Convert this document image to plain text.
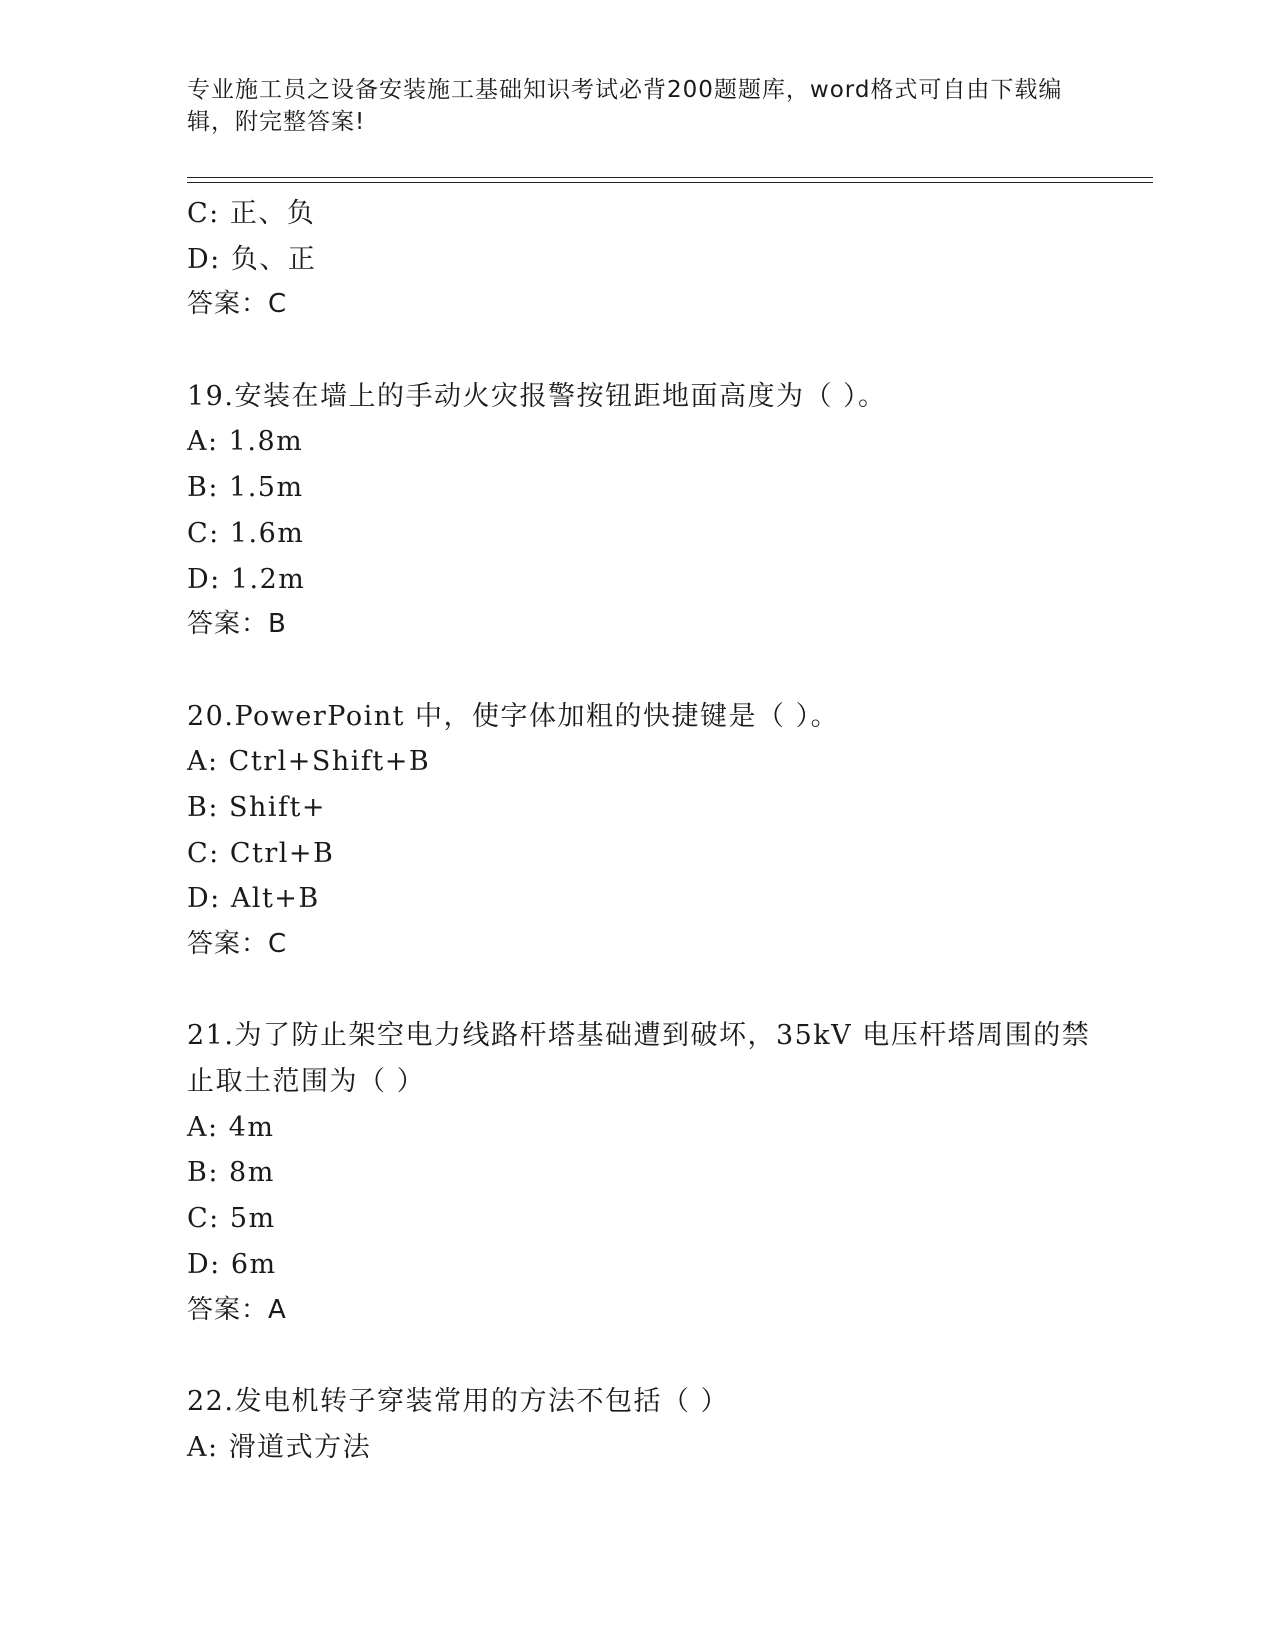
专业施工员之设备安装施工基础知识考试必背200题题库，word格式可自由下载编辑，附完整答案!
C: 正、负
D: 负、正
答案：C
19.安装在墙上的手动火灾报警按钮距地面高度为（ ）。
A: 1.8m
B: 1.5m
C: 1.6m
D: 1.2m
答案：B
20.PowerPoint 中，使字体加粗的快捷键是（ ）。
A: Ctrl+Shift+B
B: Shift+
C: Ctrl+B
D: Alt+B
答案：C
21.为了防止架空电力线路杆塔基础遭到破坏，35kV 电压杆塔周围的禁
止取土范围为（ ）
A: 4m
B: 8m
C: 5m
D: 6m
答案：A
22.发电机转子穿装常用的方法不包括（ ）
A: 滑道式方法
